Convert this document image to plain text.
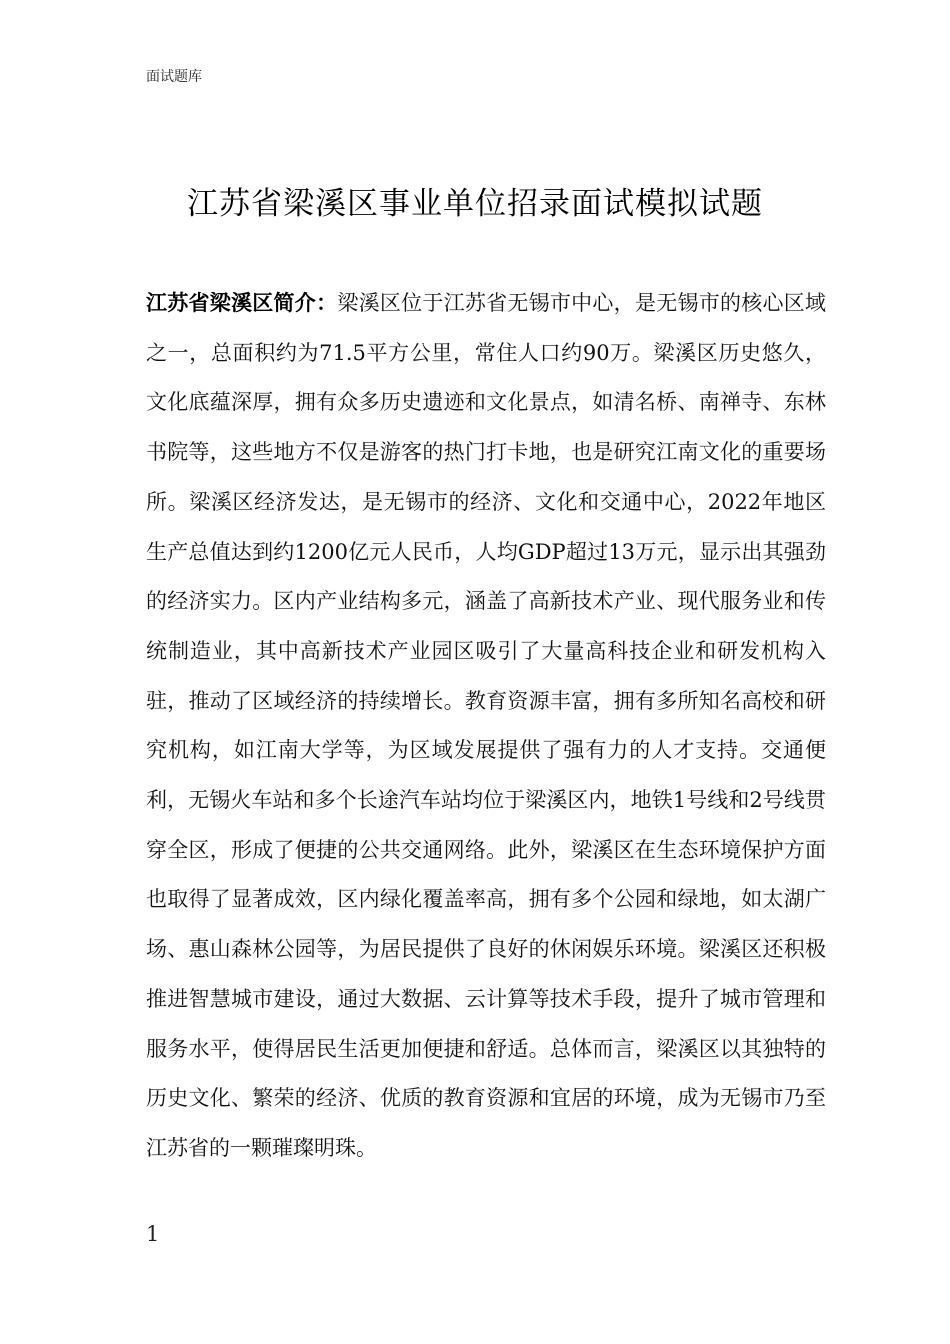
面试题库
江苏省梁溪区事业单位招录面试模拟试题

江苏省梁溪区简介：梁溪区位于江苏省无锡市中心，是无锡市的核心区域之一，总面积约为71.5平方公里，常住人口约90万。梁溪区历史悠久，文化底蕴深厚，拥有众多历史遗迹和文化景点，如清名桥、南禅寺、东林书院等，这些地方不仅是游客的热门打卡地，也是研究江南文化的重要场所。梁溪区经济发达，是无锡市的经济、文化和交通中心，2022年地区生产总值达到约1200亿元人民币，人均GDP超过13万元，显示出其强劲的经济实力。区内产业结构多元，涵盖了高新技术产业、现代服务业和传统制造业，其中高新技术产业园区吸引了大量高科技企业和研发机构入驻，推动了区域经济的持续增长。教育资源丰富，拥有多所知名高校和研究机构，如江南大学等，为区域发展提供了强有力的人才支持。交通便利，无锡火车站和多个长途汽车站均位于梁溪区内，地铁1号线和2号线贯穿全区，形成了便捷的公共交通网络。此外，梁溪区在生态环境保护方面也取得了显著成效，区内绿化覆盖率高，拥有多个公园和绿地，如太湖广场、惠山森林公园等，为居民提供了良好的休闲娱乐环境。梁溪区还积极推进智慧城市建设，通过大数据、云计算等技术手段，提升了城市管理和服务水平，使得居民生活更加便捷和舒适。总体而言，梁溪区以其独特的历史文化、繁荣的经济、优质的教育资源和宜居的环境，成为无锡市乃至江苏省的一颗璀璨明珠。

1
